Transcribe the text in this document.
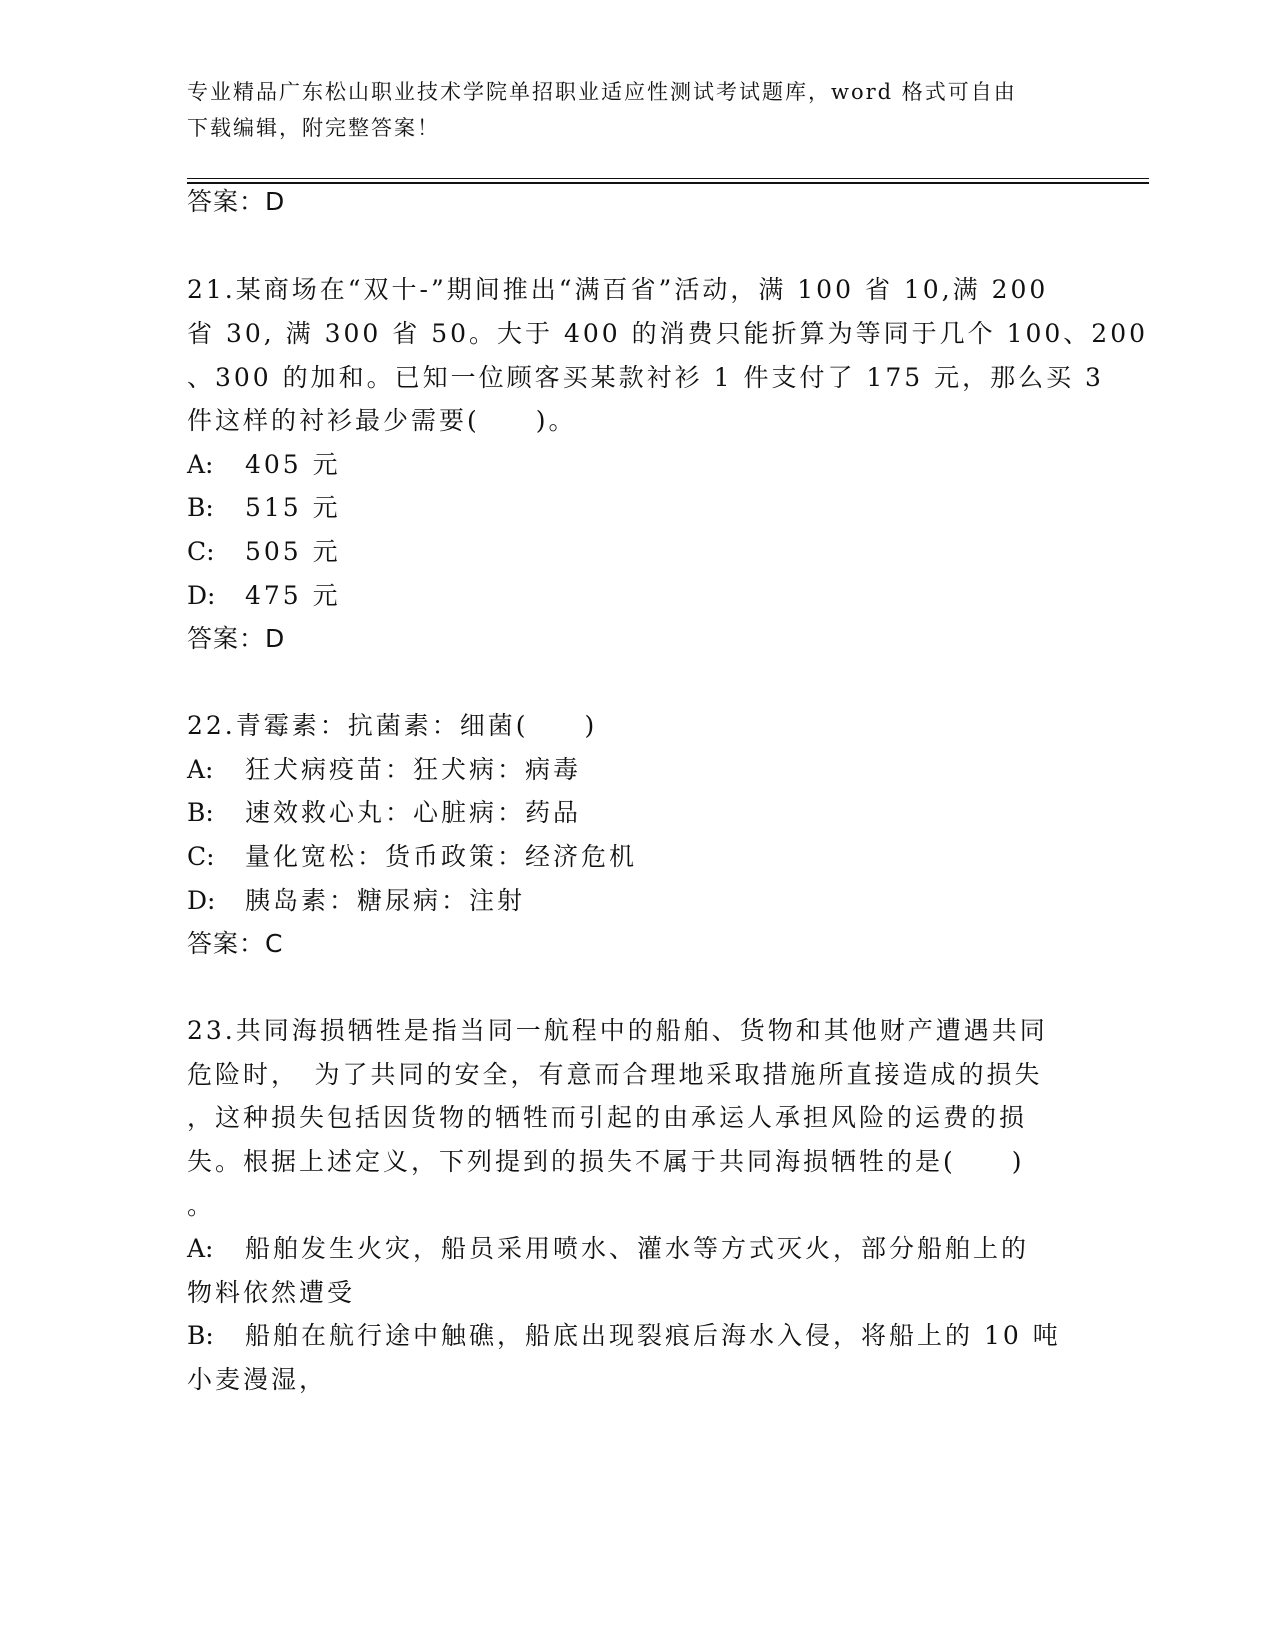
专业精品广东松山职业技术学院单招职业适应性测试考试题库，word 格式可自由
下载编辑，附完整答案！
答案：D
21.某商场在“双十-”期间推出“满百省”活动，满 100 省 10,满 200
省 30, 满 300 省 50。大于 400 的消费只能折算为等同于几个 100、200
、300 的加和。已知一位顾客买某款衬衫 1 件支付了 175 元，那么买 3
件这样的衬衫最少需要(　　)。
A: 405 元
B: 515 元
C: 505 元
D: 475 元
答案：D
22.青霉素：抗菌素：细菌(　　)
A: 狂犬病疫苗：狂犬病：病毒
B: 速效救心丸：心脏病：药品
C: 量化宽松：货币政策：经济危机
D: 胰岛素：糖尿病：注射
答案：C
23.共同海损牺牲是指当同一航程中的船舶、货物和其他财产遭遇共同
危险时，　为了共同的安全，有意而合理地采取措施所直接造成的损失
，这种损失包括因货物的牺牲而引起的由承运人承担风险的运费的损
失。根据上述定义，下列提到的损失不属于共同海损牺牲的是(　　)
。
A: 船舶发生火灾，船员采用喷水、灌水等方式灭火，部分船舶上的
物料依然遭受
B: 船舶在航行途中触礁，船底出现裂痕后海水入侵，将船上的 10 吨
小麦漫湿，
